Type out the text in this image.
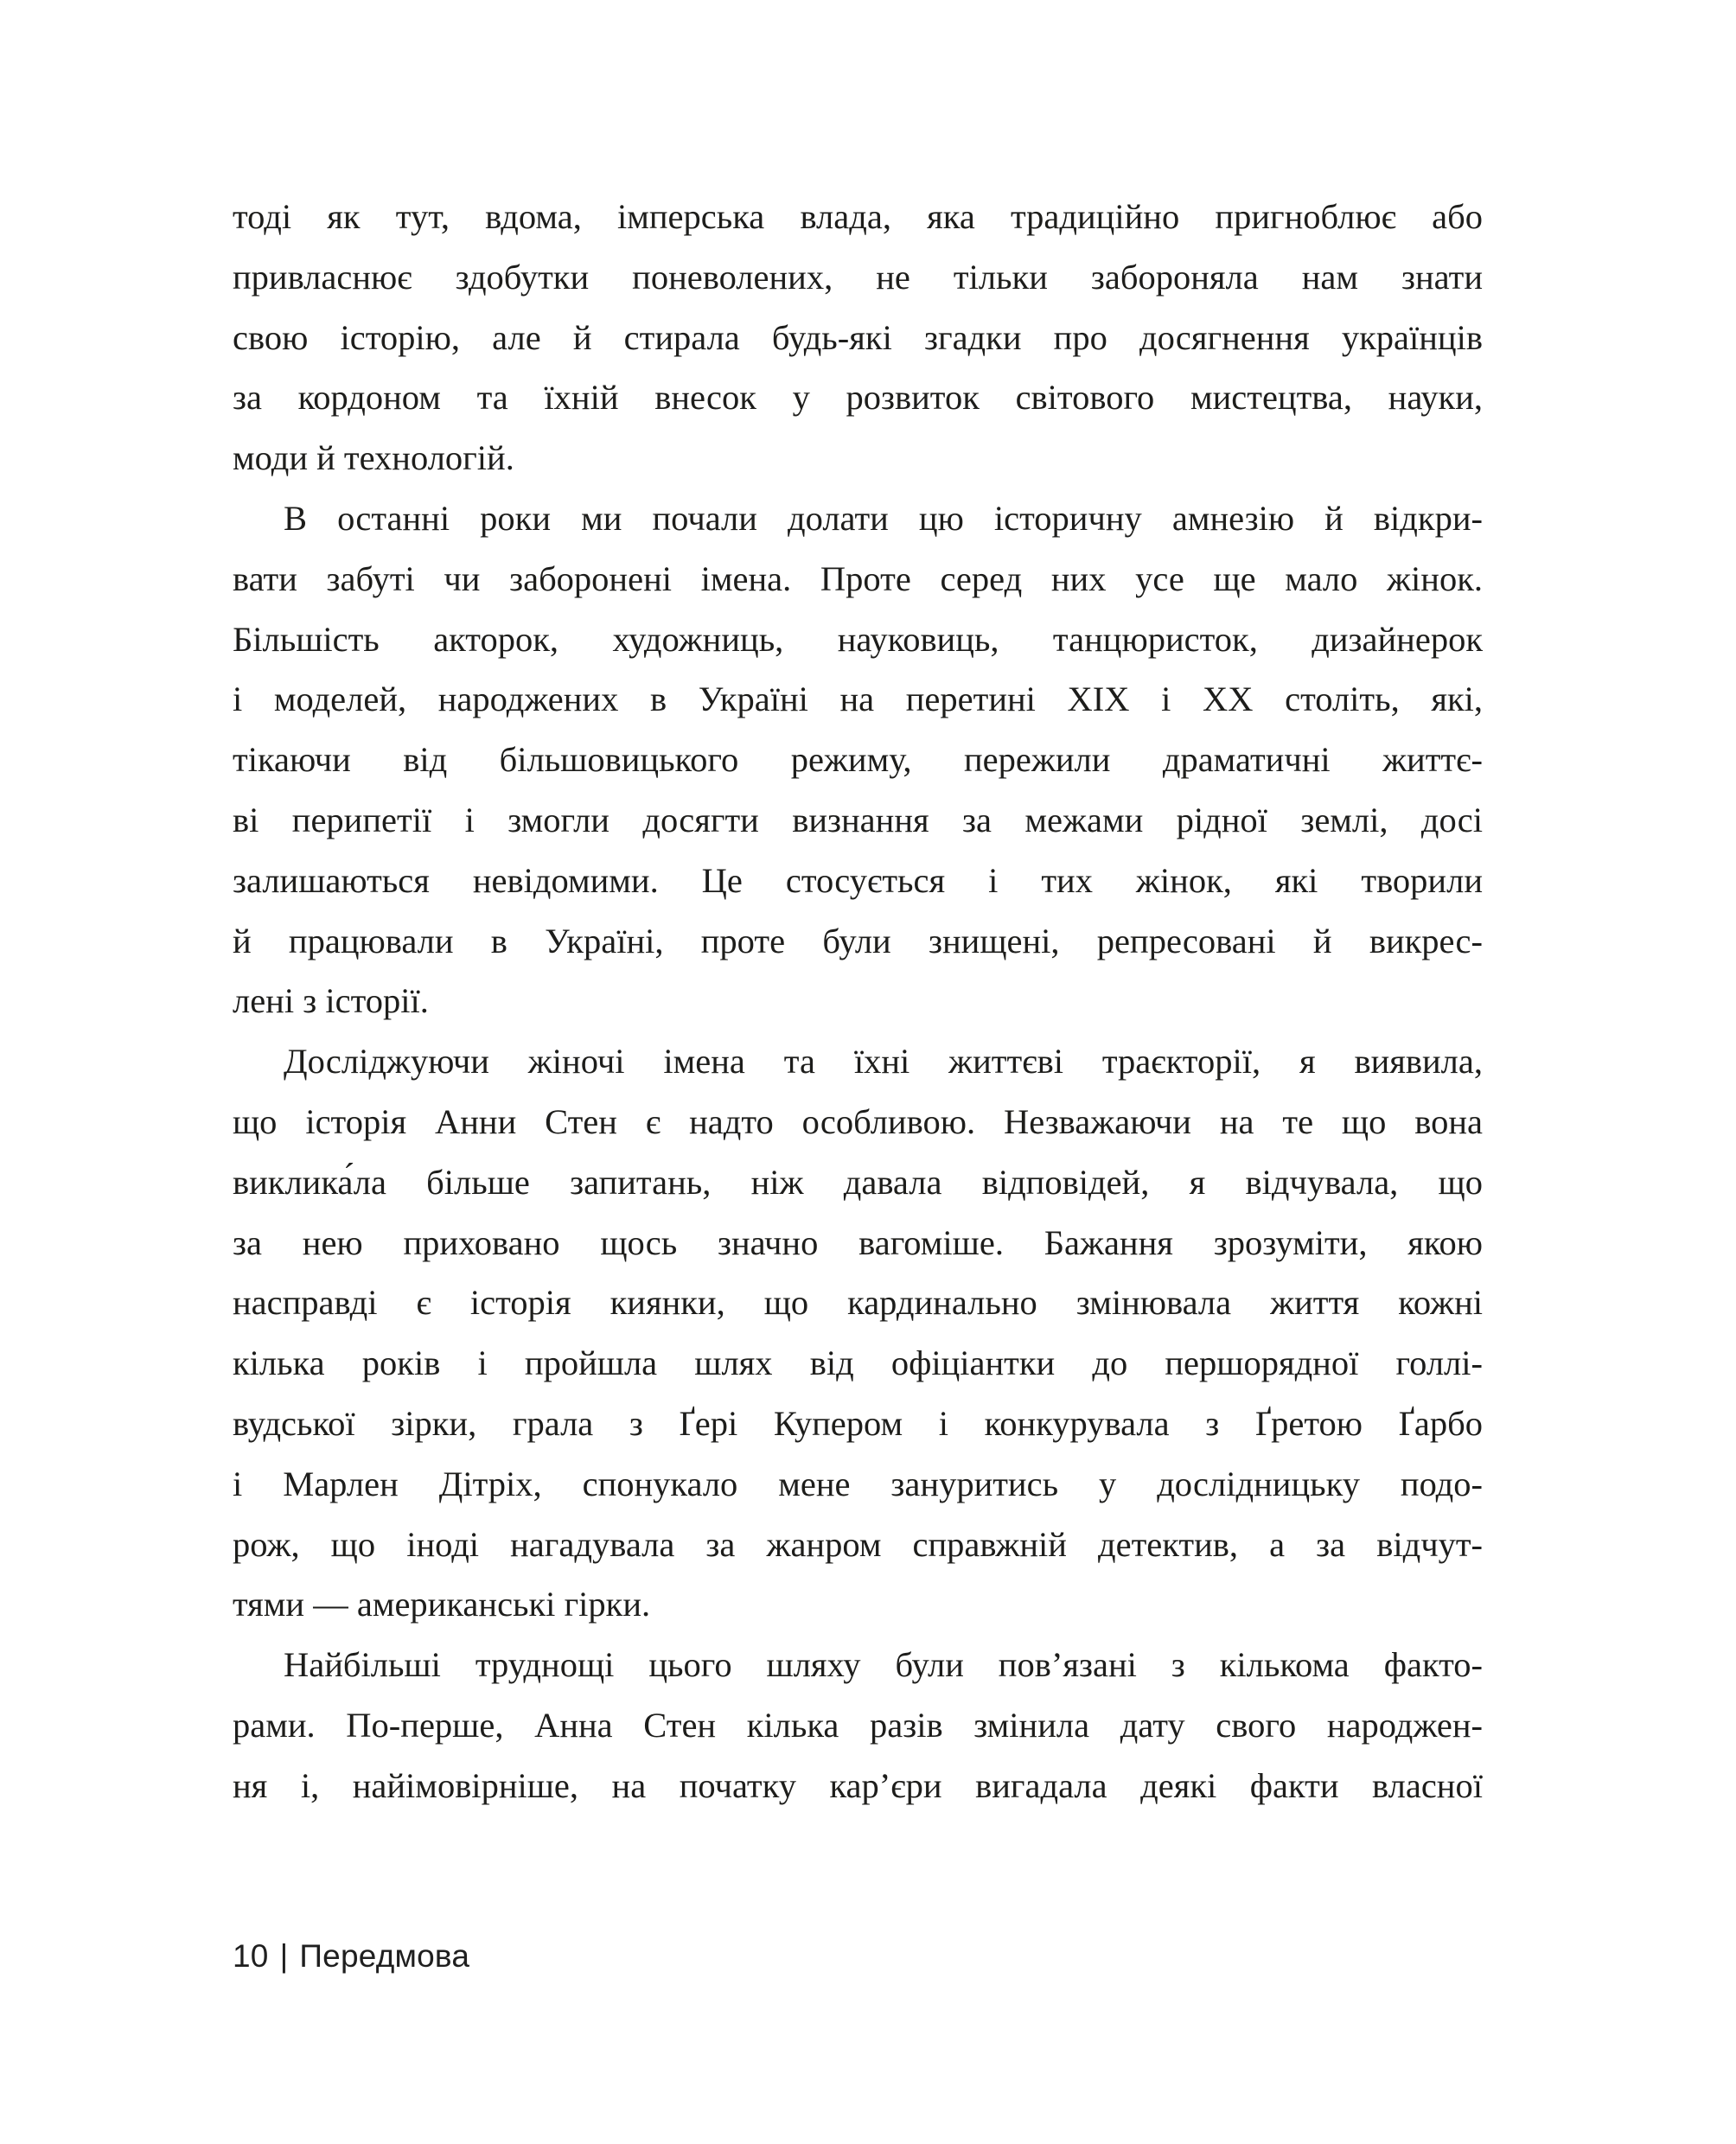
тоді як тут, вдома, імперська влада, яка традиційно пригноблює або
привласнює здобутки поневолених, не тільки забороняла нам знати
свою історію, але й стирала будь-які згадки про досягнення українців
за кордоном та їхній внесок у розвиток світового мистецтва, науки,
моди й технологій.
В останні роки ми почали долати цю історичну амнезію й відкри-
вати забуті чи заборонені імена. Проте серед них усе ще мало жінок.
Більшість акторок, художниць, науковиць, танцюристок, дизайнерок
і моделей, народжених в Україні на перетині XIX і XX століть, які,
тікаючи від більшовицького режиму, пережили драматичні життє-
ві перипетії і змогли досягти визнання за межами рідної землі, досі
залишаються невідомими. Це стосується і тих жінок, які творили
й працювали в Україні, проте були знищені, репресовані й викрес-
лені з історії.
Досліджуючи жіночі імена та їхні життєві траєкторії, я виявила,
що історія Анни Стен є надто особливою. Незважаючи на те що вона
виклика́ла більше запитань, ніж давала відповідей, я відчувала, що
за нею приховано щось значно вагоміше. Бажання зрозуміти, якою
насправді є історія киянки, що кардинально змінювала життя кожні
кілька років і пройшла шлях від офіціантки до першорядної голлі-
вудської зірки, грала з Ґері Купером і конкурувала з Ґретою Ґарбо
і Марлен Дітріх, спонукало мене зануритись у дослідницьку подо-
рож, що іноді нагадувала за жанром справжній детектив, а за відчут-
тями — американські гірки.
Найбільші труднощі цього шляху були пов’язані з кількома факто-
рами. По-перше, Анна Стен кілька разів змінила дату свого народжен-
ня і, найімовірніше, на початку кар’єри вигадала деякі факти власної
10 | Передмова
